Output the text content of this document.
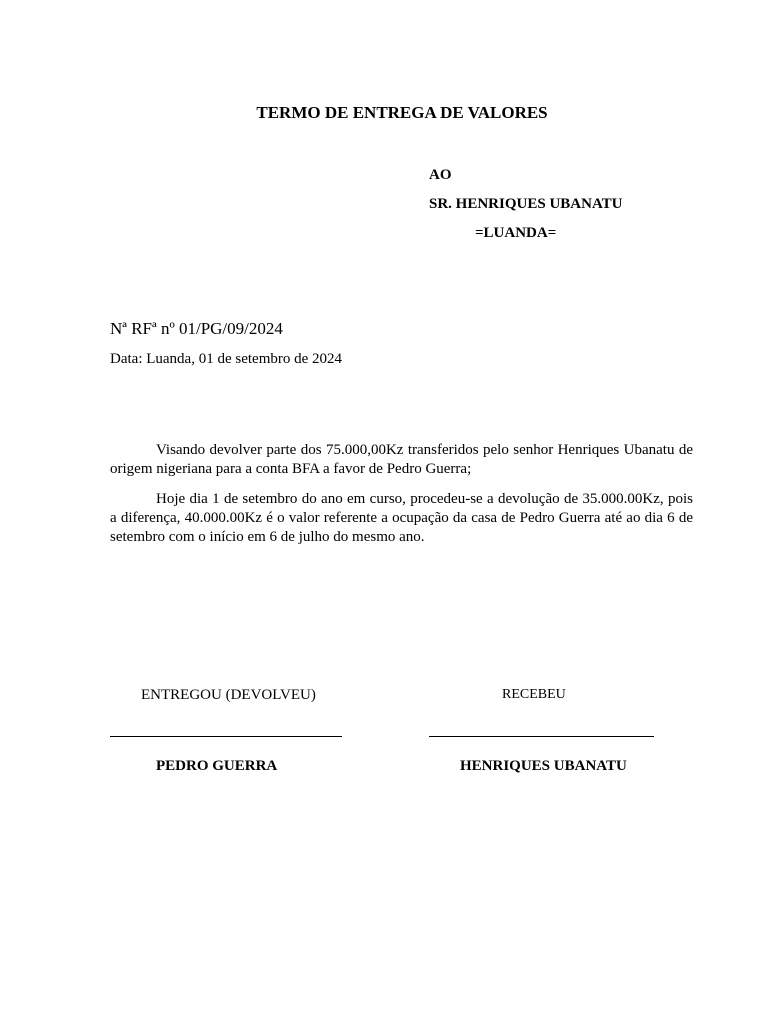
TERMO DE ENTREGA DE VALORES
AO
SR. HENRIQUES UBANATU
=LUANDA=
Nª RFª nº 01/PG/09/2024
Data: Luanda, 01 de setembro de 2024

Visando devolver parte dos 75.000,00Kz transferidos pelo senhor Henriques Ubanatu de origem nigeriana para a conta BFA a favor de Pedro Guerra;

Hoje dia 1 de setembro do ano em curso, procedeu-se a devolução de 35.000.00Kz, pois a diferença, 40.000.00Kz é o valor referente a ocupação da casa de Pedro Guerra até ao dia 6 de setembro com o início em 6 de julho do mesmo ano.

ENTREGOU (DEVOLVEU)	RECEBEU
PEDRO GUERRA	HENRIQUES UBANATU
